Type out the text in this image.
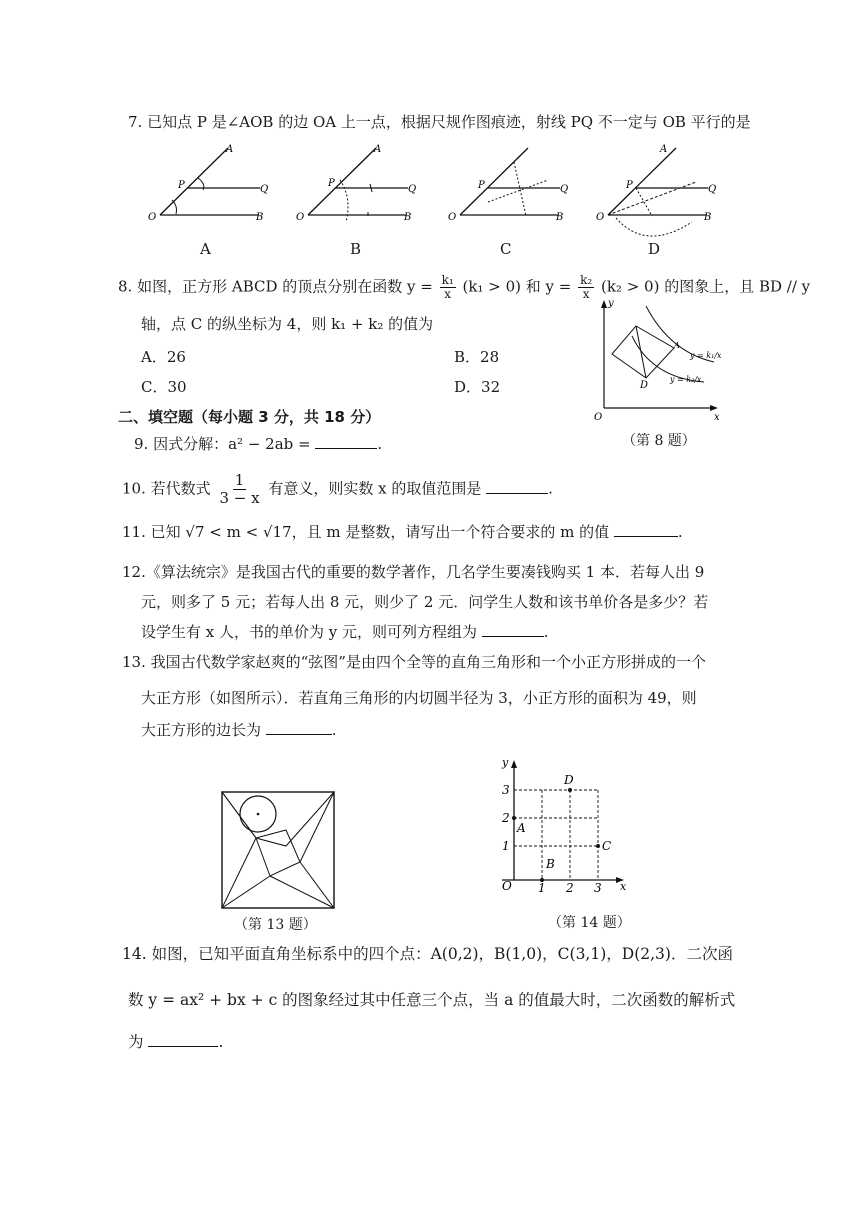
7. 已知点 P 是∠AOB 的边 OA 上一点，根据尺规作图痕迹，射线 PQ 不一定与 OB 平行的是
A
P	Q
O	B
A
P
Q
O	B
P	Q
O	B
A
P	Q
O	B
A	B	C	D
8. 如图，正方形 ABCD 的顶点分别在函数 $y = \frac{\text{k₁}}{x} (k_1 > 0)$ 和 $y = \frac{\text{k₂}}{x} (k_2 > 0)$ 的图象上，且 BD // y
轴，点 C 的纵坐标为 4，则 k₁ + k₂ 的值为
A．26	B．28
C．30	D．32
A
D
O	x
y
y = k₁/x
y = k₂/x
（第 8 题）
二、填空题（每小题 3 分，共 18 分）
9. 因式分解：a² − 2ab =	.
10. 若代数式 $\frac{1}{3 - x}$ 有意义，则实数 x 的取值范围是	.
11. 已知 √7 < m < √17，且 m 是整数，请写出一个符合要求的 m 的值	.
12.《算法统宗》是我国古代的重要的数学著作，几名学生要凑钱购买 1 本．若每人出 9
元，则多了 5 元；若每人出 8 元，则少了 2 元．问学生人数和该书单价各是多少？若
设学生有 x 人，书的单价为 y 元，则可列方程组为	.
13. 我国古代数学家赵爽的“弦图”是由四个全等的直角三角形和一个小正方形拼成的一个
大正方形（如图所示）．若直角三角形的内切圆半径为 3，小正方形的面积为 49，则
大正方形的边长为	.
（第 13 题）
y
x
O 1 2 3
1
2
3
A
B
C
D
（第 14 题）
14. 如图，已知平面直角坐标系中的四个点：A(0,2)，B(1,0)，C(3,1)，D(2,3)．二次函
数 y = ax² + bx + c 的图象经过其中任意三个点，当 a 的值最大时，二次函数的解析式
为	.
